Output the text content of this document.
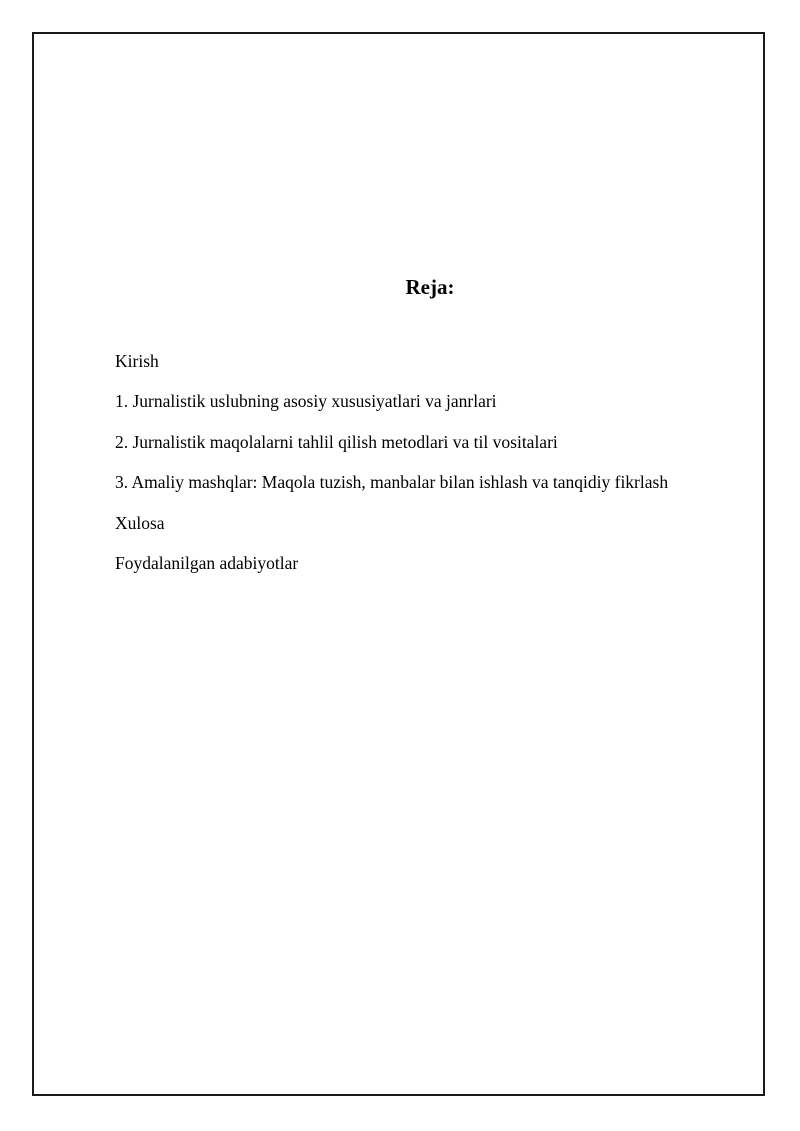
Reja:
Kirish
1. Jurnalistik uslubning asosiy xususiyatlari va janrlari
2. Jurnalistik maqolalarni tahlil qilish metodlari va til vositalari
3. Amaliy mashqlar: Maqola tuzish, manbalar bilan ishlash va tanqidiy fikrlash
Xulosa
Foydalanilgan adabiyotlar
